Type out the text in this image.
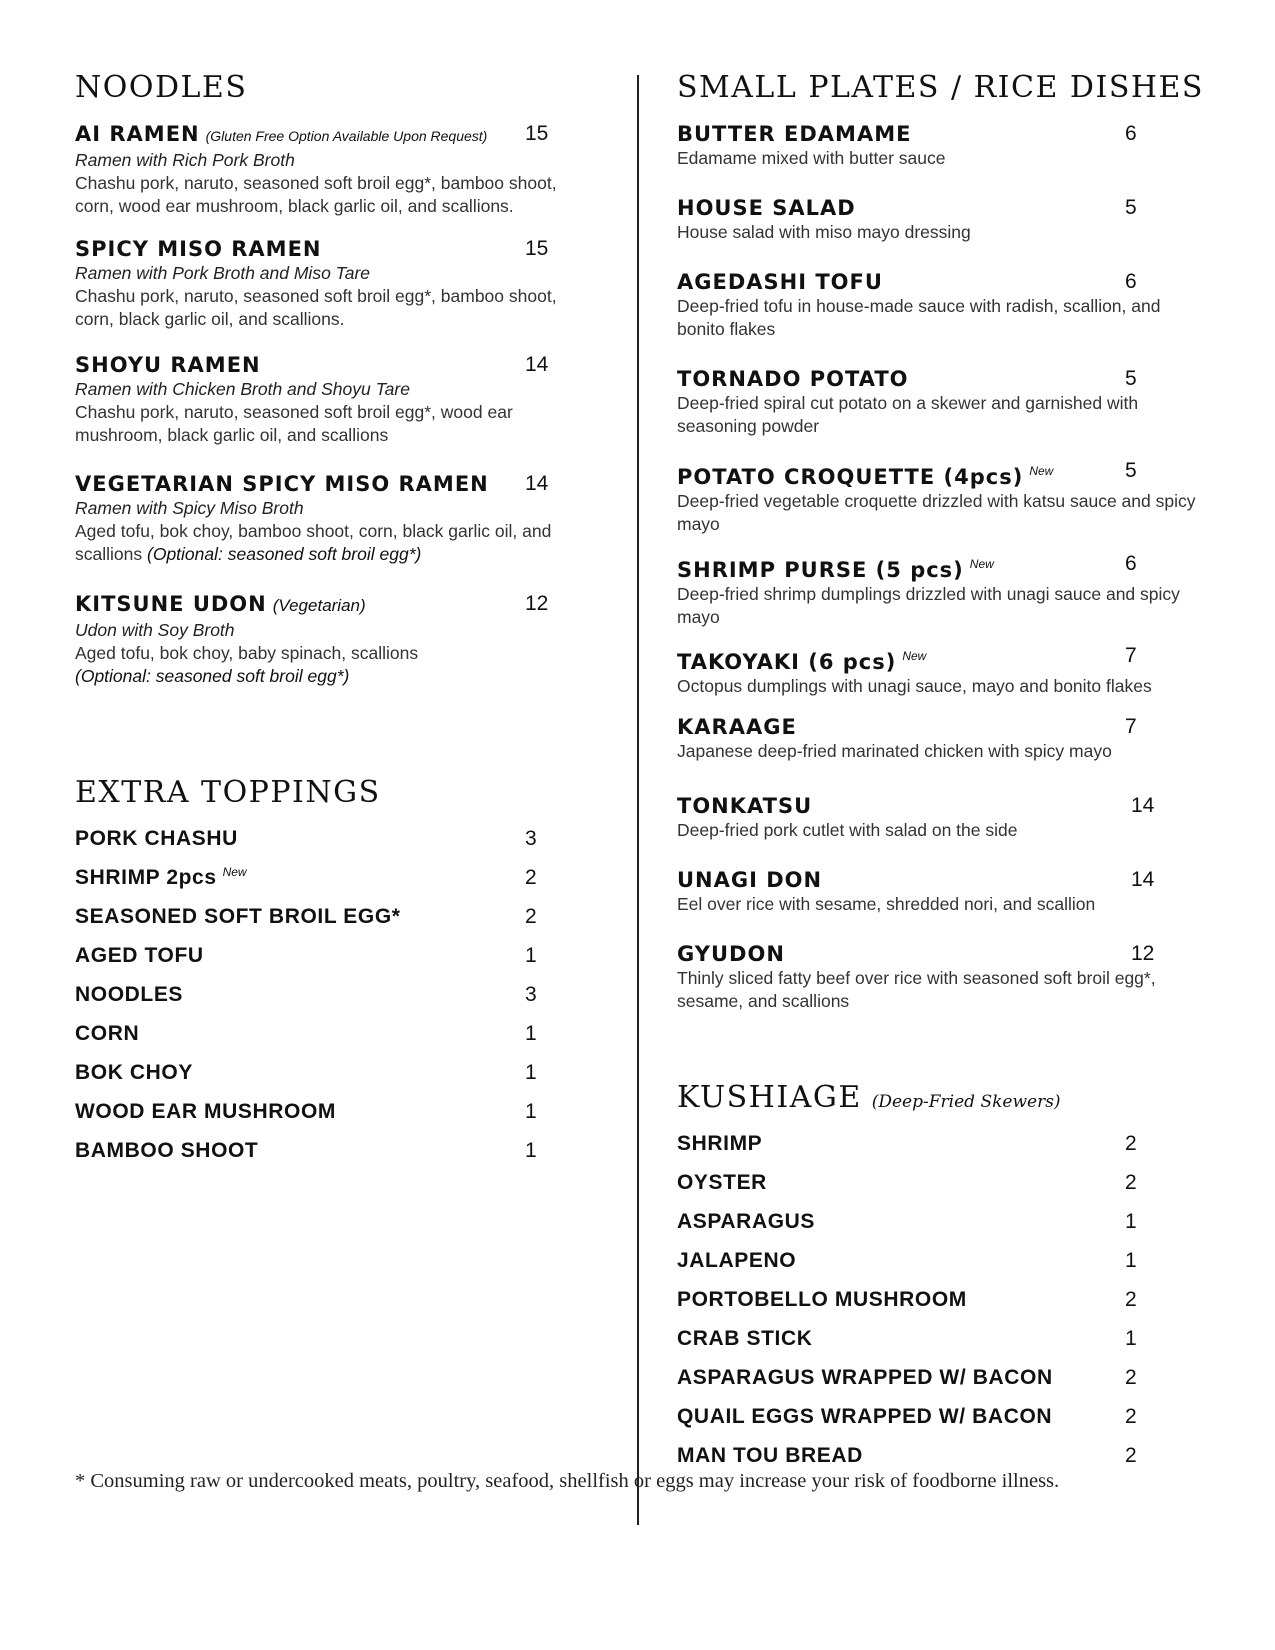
NOODLES
AI RAMEN (Gluten Free Option Available Upon Request)	15
Ramen with Rich Pork Broth
Chashu pork, naruto, seasoned soft broil egg*, bamboo shoot, corn, wood ear mushroom, black garlic oil, and scallions.
SPICY MISO RAMEN	15
Ramen with Pork Broth and Miso Tare
Chashu pork, naruto, seasoned soft broil egg*, bamboo shoot, corn, black garlic oil, and scallions.
SHOYU RAMEN	14
Ramen with Chicken Broth and Shoyu Tare
Chashu pork, naruto, seasoned soft broil egg*, wood ear mushroom, black garlic oil, and scallions
VEGETARIAN SPICY MISO RAMEN	14
Ramen with Spicy Miso Broth
Aged tofu, bok choy, bamboo shoot, corn, black garlic oil, and scallions (Optional: seasoned soft broil egg*)
KITSUNE UDON (Vegetarian)	12
Udon with Soy Broth
Aged tofu, bok choy, baby spinach, scallions
(Optional: seasoned soft broil egg*)
EXTRA TOPPINGS
PORK CHASHU	3
SHRIMP 2pcs $^{New}$	2
SEASONED SOFT BROIL EGG*	2
AGED TOFU	1
NOODLES	3
CORN	1
BOK CHOY	1
WOOD EAR MUSHROOM	1
BAMBOO SHOOT	1
SMALL PLATES / RICE DISHES
BUTTER EDAMAME	6
Edamame mixed with butter sauce
HOUSE SALAD	5
House salad with miso mayo dressing
AGEDASHI TOFU	6
Deep-fried tofu in house-made sauce with radish, scallion, and bonito flakes
TORNADO POTATO	5
Deep-fried spiral cut potato on a skewer and garnished with seasoning powder
POTATO CROQUETTE (4pcs) $^{New}$	5
Deep-fried vegetable croquette drizzled with katsu sauce and spicy mayo
SHRIMP PURSE (5 pcs) $^{New}$	6
Deep-fried shrimp dumplings drizzled with unagi sauce and spicy mayo
TAKOYAKI (6 pcs) $^{New}$	7
Octopus dumplings with unagi sauce, mayo and bonito flakes
KARAAGE	7
Japanese deep-fried marinated chicken with spicy mayo
TONKATSU	14
Deep-fried pork cutlet with salad on the side
UNAGI DON	14
Eel over rice with sesame, shredded nori, and scallion
GYUDON	12
Thinly sliced fatty beef over rice with seasoned soft broil egg*, sesame, and scallions
KUSHIAGE (Deep-Fried Skewers)
SHRIMP	2
OYSTER	2
ASPARAGUS	1
JALAPENO	1
PORTOBELLO MUSHROOM	2
CRAB STICK	1
ASPARAGUS WRAPPED W/ BACON	2
QUAIL EGGS WRAPPED W/ BACON	2
MAN TOU BREAD	2
* Consuming raw or undercooked meats, poultry, seafood, shellfish or eggs may increase your risk of foodborne illness.
